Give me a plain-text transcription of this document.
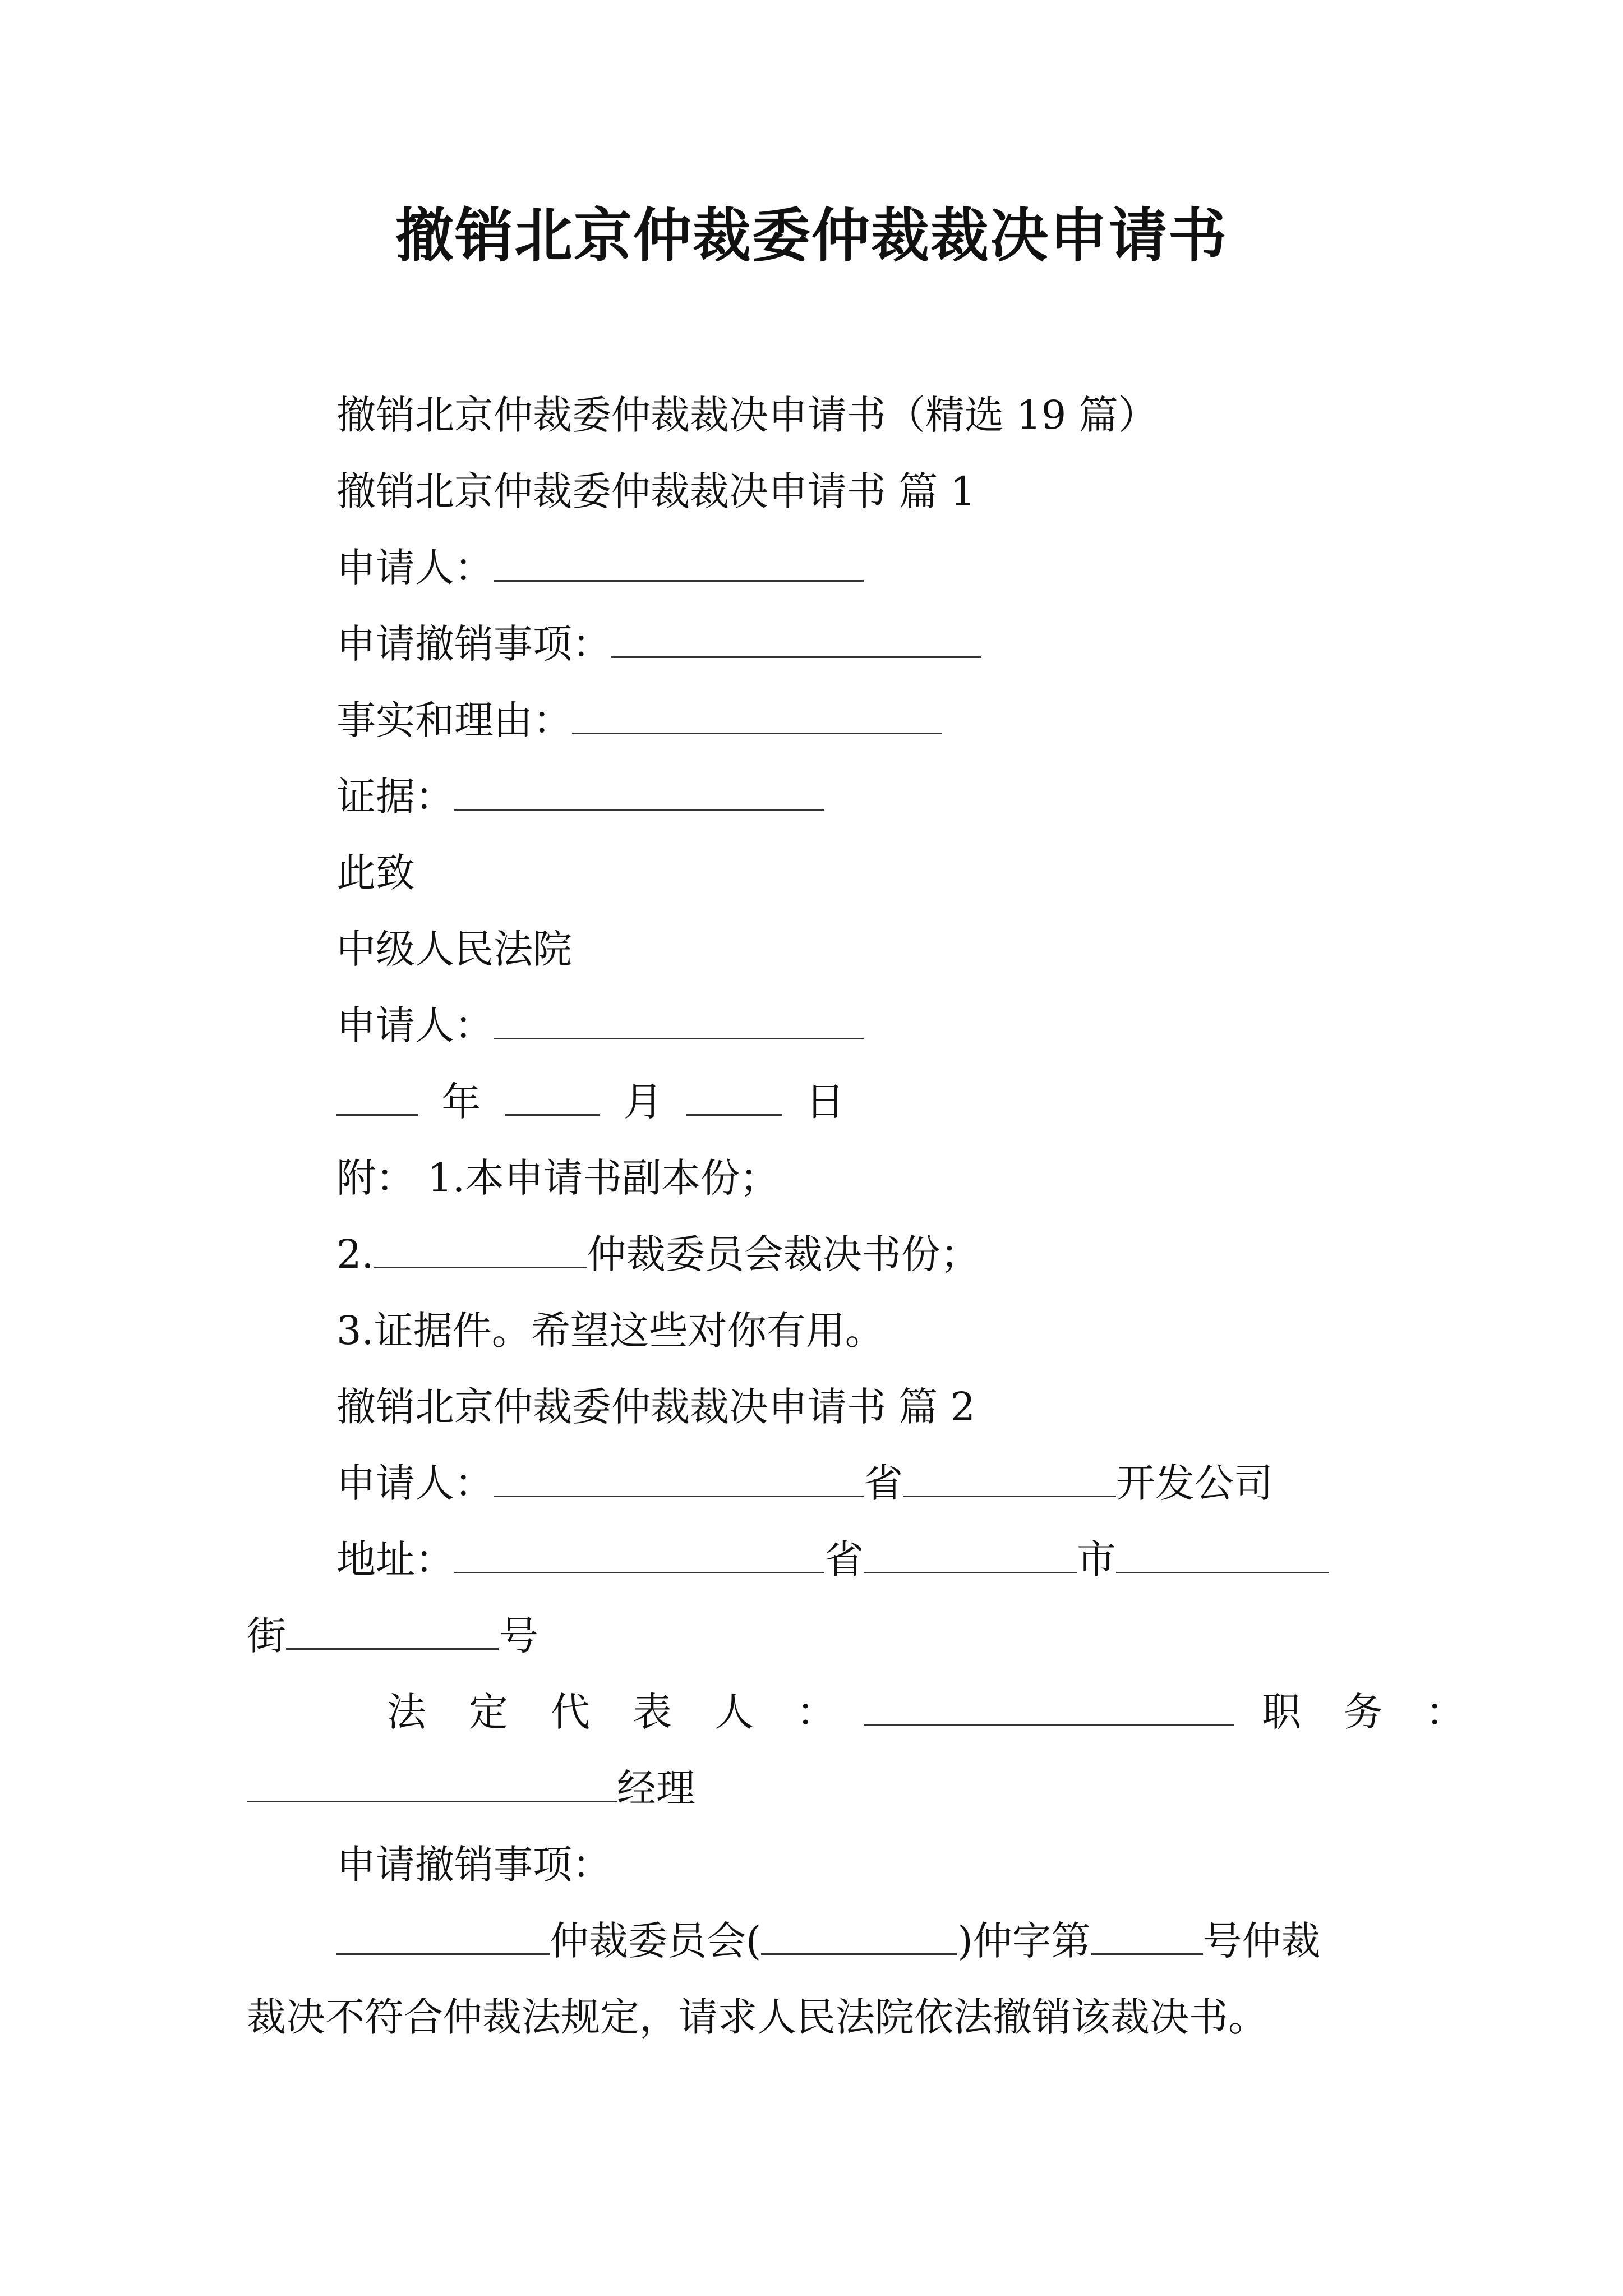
撤销北京仲裁委仲裁裁决申请书
撤销北京仲裁委仲裁裁决申请书（精选 19 篇）
撤销北京仲裁委仲裁裁决申请书 篇 1
申请人：
申请撤销事项：
事实和理由：
证据：
此致
中级人民法院
申请人：
年	月	日
附： 1.本申请书副本份；
2.	仲裁委员会裁决书份；
3.证据件。希望这些对你有用。
撤销北京仲裁委仲裁裁决申请书 篇 2
申请人：	省	开发公司
地址：	省	市
街	号
法 定 代 表 人 ：	职 务 ：
经理
申请撤销事项：
仲裁委员会(	)仲字第	号仲裁
裁决不符合仲裁法规定，请求人民法院依法撤销该裁决书。
